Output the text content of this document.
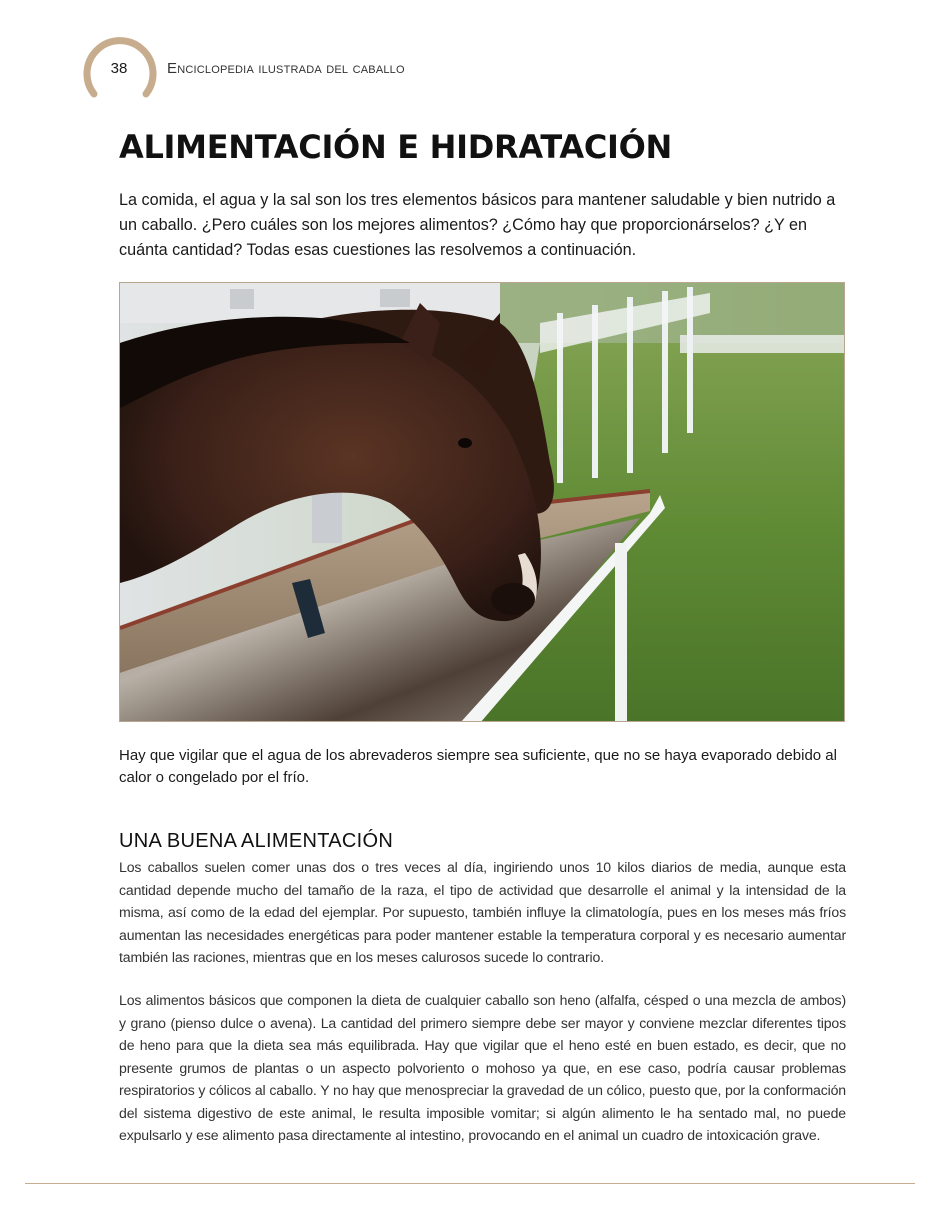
38	Enciclopedia ilustrada del caballo
ALIMENTACIÓN E HIDRATACIÓN

La comida, el agua y la sal son los tres elementos básicos para mantener saludable y bien nutrido a un caballo. ¿Pero cuáles son los mejores alimentos? ¿Cómo hay que proporcionárselos? ¿Y en cuánta cantidad? Todas esas cuestiones las resolvemos a continuación.

Hay que vigilar que el agua de los abrevaderos siempre sea suficiente, que no se haya evaporado debido al calor o congelado por el frío.

UNA BUENA ALIMENTACIÓN

Los caballos suelen comer unas dos o tres veces al día, ingiriendo unos 10 kilos diarios de media, aunque esta cantidad depende mucho del tamaño de la raza, el tipo de actividad que desarrolle el animal y la intensidad de la misma, así como de la edad del ejemplar. Por supuesto, también influye la climatología, pues en los meses más fríos aumentan las necesidades energéticas para poder mantener estable la temperatura corporal y es necesario aumentar también las raciones, mientras que en los meses calurosos sucede lo contrario.

Los alimentos básicos que componen la dieta de cualquier caballo son heno (alfalfa, césped o una mezcla de ambos) y grano (pienso dulce o avena). La cantidad del primero siempre debe ser mayor y conviene mezclar diferentes tipos de heno para que la dieta sea más equilibrada. Hay que vigilar que el heno esté en buen estado, es decir, que no presente grumos de plantas o un aspecto polvoriento o mohoso ya que, en ese caso, podría causar problemas respiratorios y cólicos al caballo. Y no hay que menospreciar la gravedad de un cólico, puesto que, por la conformación del sistema digestivo de este animal, le resulta imposible vomitar; si algún alimento le ha sentado mal, no puede expulsarlo y ese alimento pasa directamente al intestino, provocando en el animal un cuadro de intoxicación grave.
